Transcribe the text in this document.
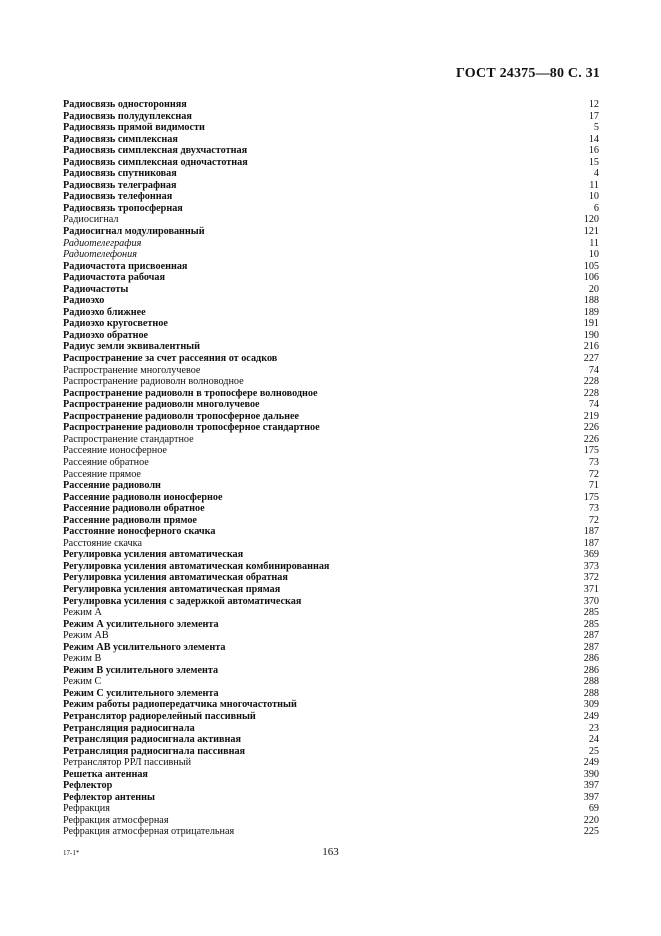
ГОСТ 24375—80 С. 31
Радиосвязь односторонняя	12
Радиосвязь полудуплексная	17
Радиосвязь прямой видимости	5
Радиосвязь симплексная	14
Радиосвязь симплексная двухчастотная	16
Радиосвязь симплексная одночастотная	15
Радиосвязь спутниковая	4
Радиосвязь телеграфная	11
Радиосвязь телефонная	10
Радиосвязь тропосферная	6
Радиосигнал	120
Радиосигнал модулированный	121
Радиотелеграфия	11
Радиотелефония	10
Радиочастота присвоенная	105
Радиочастота рабочая	106
Радиочастоты	20
Радиоэхо	188
Радиоэхо ближнее	189
Радиоэхо кругосветное	191
Радиоэхо обратное	190
Радиус земли эквивалентный	216
Распространение за счет рассеяния от осадков	227
Распространение многолучевое	74
Распространение радиоволн волноводное	228
Распространение радиоволн в тропосфере волноводное	228
Распространение радиоволн многолучевое	74
Распространение радиоволн тропосферное дальнее	219
Распространение радиоволн тропосферное стандартное	226
Распространение стандартное	226
Рассеяние ионосферное	175
Рассеяние обратное	73
Рассеяние прямое	72
Рассеяние радиоволн	71
Рассеяние радиоволн ионосферное	175
Рассеяние радиоволн обратное	73
Рассеяние радиоволн прямое	72
Расстояние ионосферного скачка	187
Расстояние скачка	187
Регулировка усиления автоматическая	369
Регулировка усиления автоматическая комбинированная	373
Регулировка усиления автоматическая обратная	372
Регулировка усиления автоматическая прямая	371
Регулировка усиления с задержкой автоматическая	370
Режим А	285
Режим А усилительного элемента	285
Режим АВ	287
Режим АВ усилительного элемента	287
Режим В	286
Режим В усилительного элемента	286
Режим С	288
Режим С усилительного элемента	288
Режим работы радиопередатчика многочастотный	309
Ретранслятор радиорелейный пассивный	249
Ретрансляция радиосигнала	23
Ретрансляция радиосигнала активная	24
Ретрансляция радиосигнала пассивная	25
Ретранслятор РРЛ пассивный	249
Решетка антенная	390
Рефлектор	397
Рефлектор антенны	397
Рефракция	69
Рефракция атмосферная	220
Рефракция атмосферная отрицательная	225
17-1*	163
